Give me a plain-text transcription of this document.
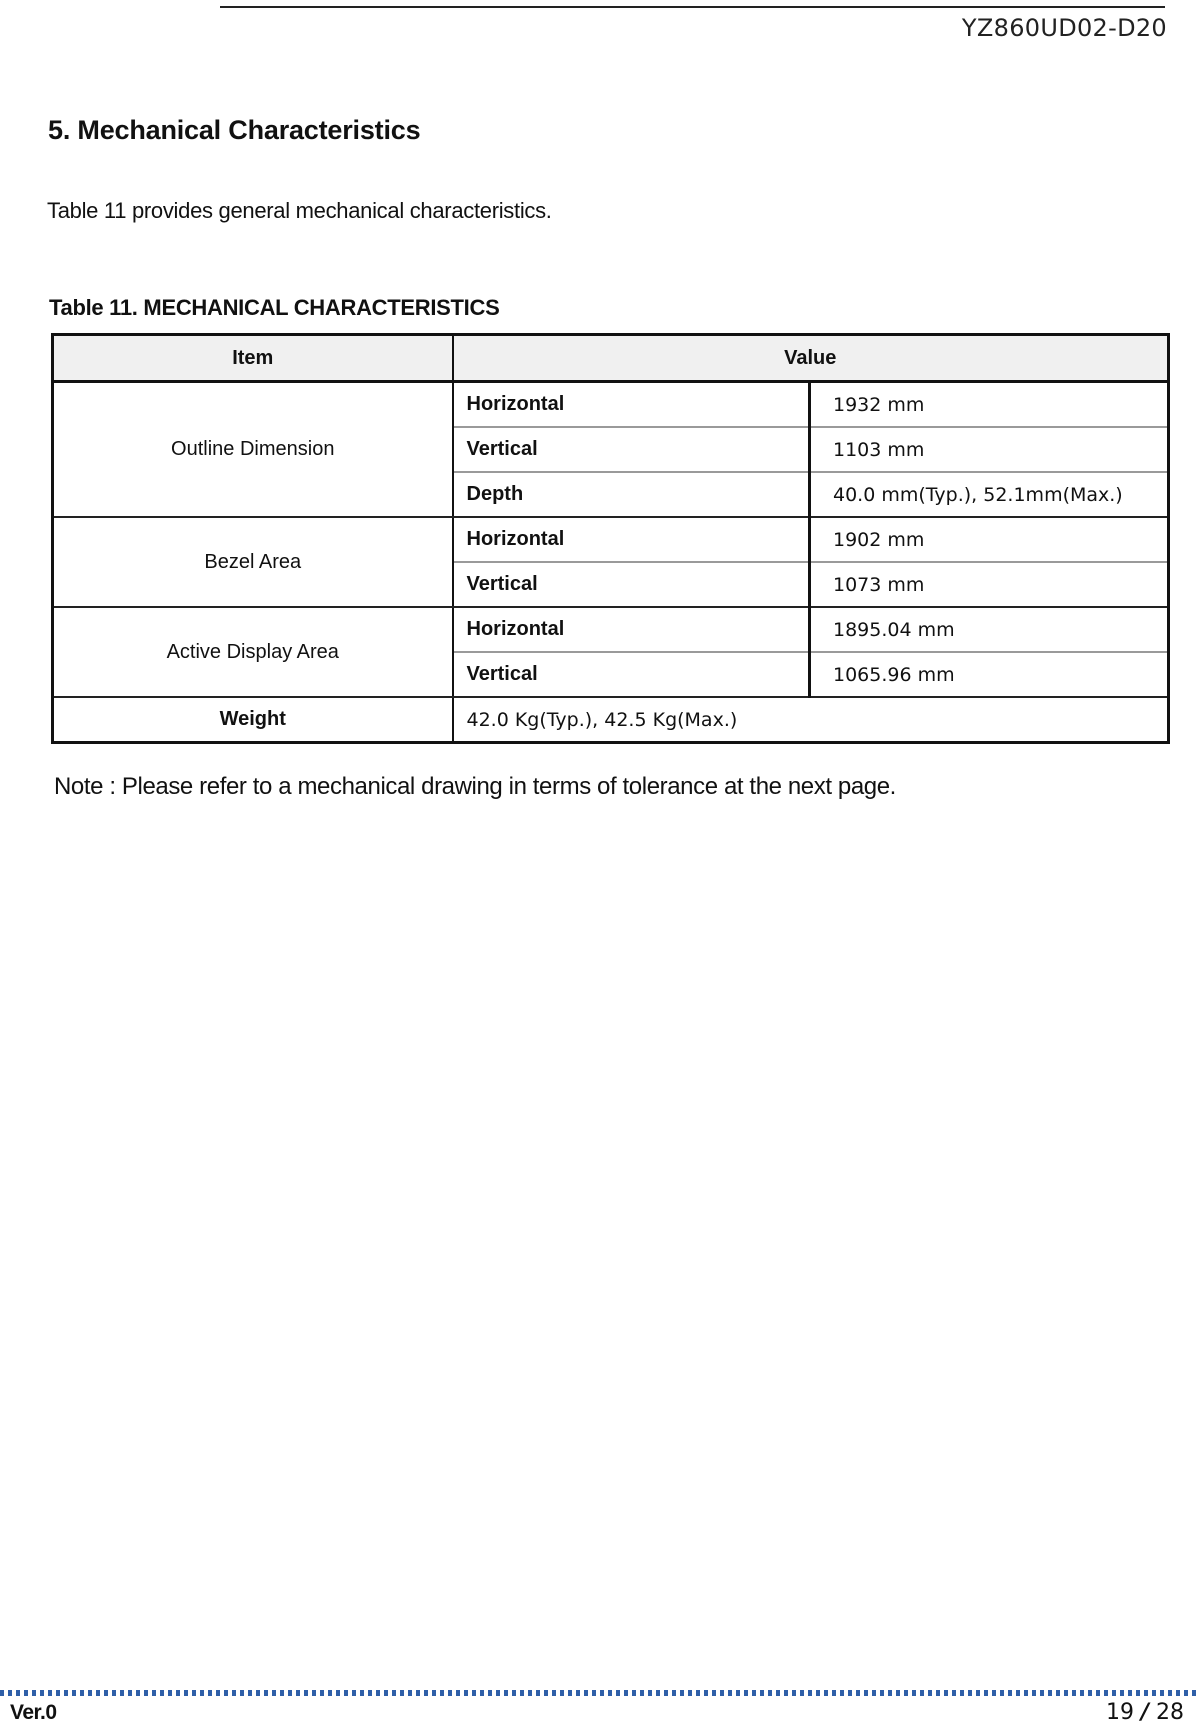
YZ860UD02-D20
5. Mechanical Characteristics

Table 11 provides general mechanical characteristics.

Table 11. MECHANICAL CHARACTERISTICS
Item	Value	
Outline Dimension	Horizontal	1932 mm
	Vertical	1103 mm
	Depth	40.0 mm(Typ.), 52.1mm(Max.)
Bezel Area	Horizontal	1902 mm
	Vertical	1073 mm
Active Display Area	Horizontal	1895.04 mm
	Vertical	1065.96 mm
Weight	42.0 Kg(Typ.), 42.5 Kg(Max.)	
Note : Please refer to a mechanical drawing in terms of tolerance at the next page.
Ver.0	19 / 28
